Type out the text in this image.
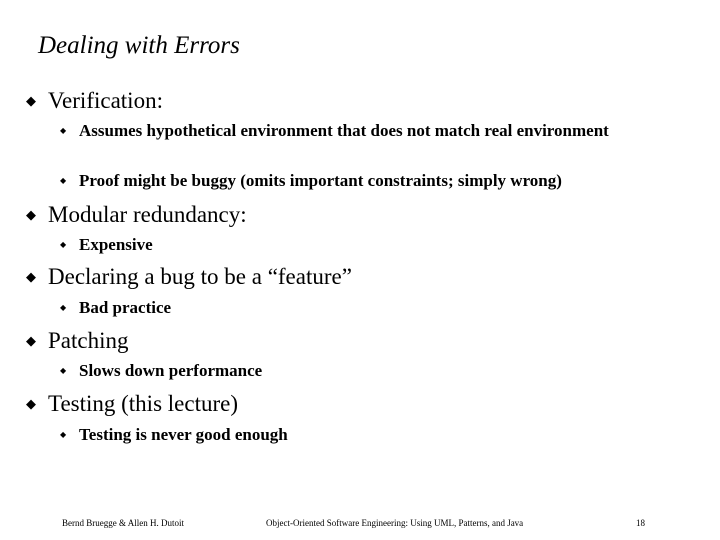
Dealing with Errors
◆ Verification:
◆ Assumes hypothetical environment that does not match real environment
◆ Proof might be buggy (omits important constraints; simply wrong)
◆ Modular redundancy:
◆ Expensive
◆ Declaring a bug to be a “feature”
◆ Bad practice
◆ Patching
◆ Slows down performance
◆ Testing (this lecture)
◆ Testing is never good enough
Bernd Bruegge & Allen H. Dutoit	Object-Oriented Software Engineering: Using UML, Patterns, and Java	18
